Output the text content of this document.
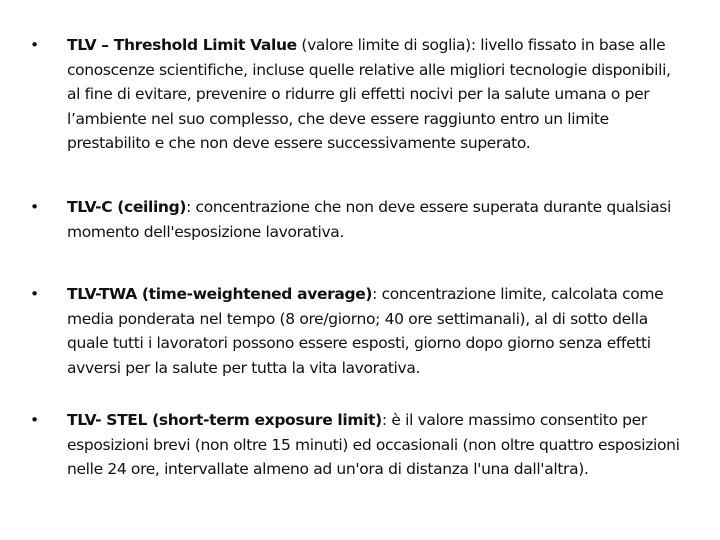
•	TLV – Threshold Limit Value (valore limite di soglia): livello fissato in base alle conoscenze scientifiche, incluse quelle relative alle migliori tecnologie disponibili, al fine di evitare, prevenire o ridurre gli effetti nocivi per la salute umana o per l’ambiente nel suo complesso, che deve essere raggiunto entro un limite prestabilito e che non deve essere successivamente superato.
•	TLV-C (ceiling): concentrazione che non deve essere superata durante qualsiasi momento dell'esposizione lavorativa.
•	TLV-TWA (time-weightened average): concentrazione limite, calcolata come media ponderata nel tempo (8 ore/giorno; 40 ore settimanali), al di sotto della quale tutti i lavoratori possono essere esposti, giorno dopo giorno senza effetti avversi per la salute per tutta la vita lavorativa.
•	TLV- STEL (short-term exposure limit): è il valore massimo consentito per esposizioni brevi (non oltre 15 minuti) ed occasionali (non oltre quattro esposizioni nelle 24 ore, intervallate almeno ad un'ora di distanza l'una dall'altra).
